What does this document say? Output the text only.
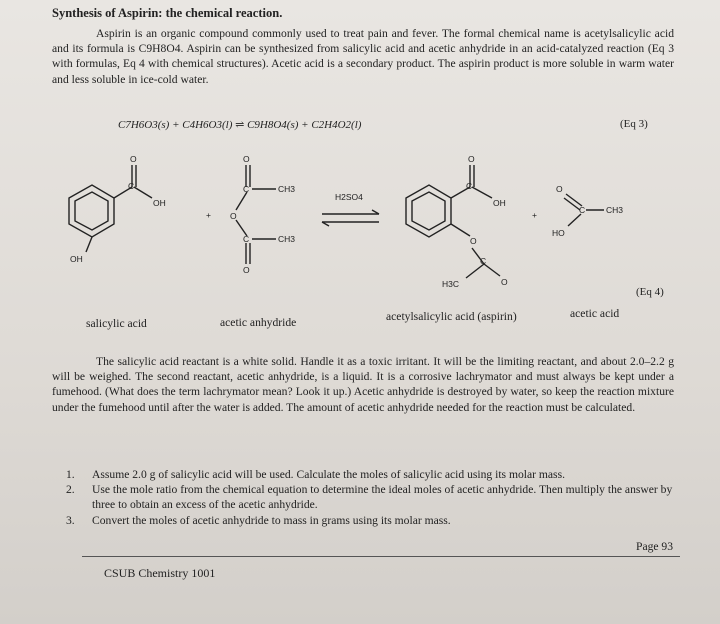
Synthesis of Aspirin: the chemical reaction.
Aspirin is an organic compound commonly used to treat pain and fever. The formal chemical name is acetylsalicylic acid and its formula is C9H8O4. Aspirin can be synthesized from salicylic acid and acetic anhydride in an acid-catalyzed reaction (Eq 3 with formulas, Eq 4 with chemical structures). Acetic acid is a secondary product. The aspirin product is more soluble in warm water and less soluble in ice-cold water.
C7H6O3(s) + C4H6O3(l) ⇌ C9H8O4(s) + C2H4O2(l)	(Eq 3)
O
C
OH
OH
+
O
C	CH3
O
C	CH3
O
H2SO4
O
C
OH
O
C
O
H3C
+
O
C CH3
HO
(Eq 4)
salicylic acid	acetic anhydride	acetylsalicylic acid (aspirin)	acetic acid
The salicylic acid reactant is a white solid. Handle it as a toxic irritant. It will be the limiting reactant, and about 2.0–2.2 g will be weighed. The second reactant, acetic anhydride, is a liquid. It is a corrosive lachrymator and must always be kept under a fumehood. (What does the term lachrymator mean? Look it up.) Acetic anhydride is destroyed by water, so keep the reaction mixture under the fumehood until after the water is added. The amount of acetic anhydride needed for the reaction must be calculated.
1.	Assume 2.0 g of salicylic acid will be used. Calculate the moles of salicylic acid using its molar mass.
2.	Use the mole ratio from the chemical equation to determine the ideal moles of acetic anhydride. Then multiply the answer by three to obtain an excess of the acetic anhydride.
3.	Convert the moles of acetic anhydride to mass in grams using its molar mass.
Page 93
CSUB Chemistry 1001
